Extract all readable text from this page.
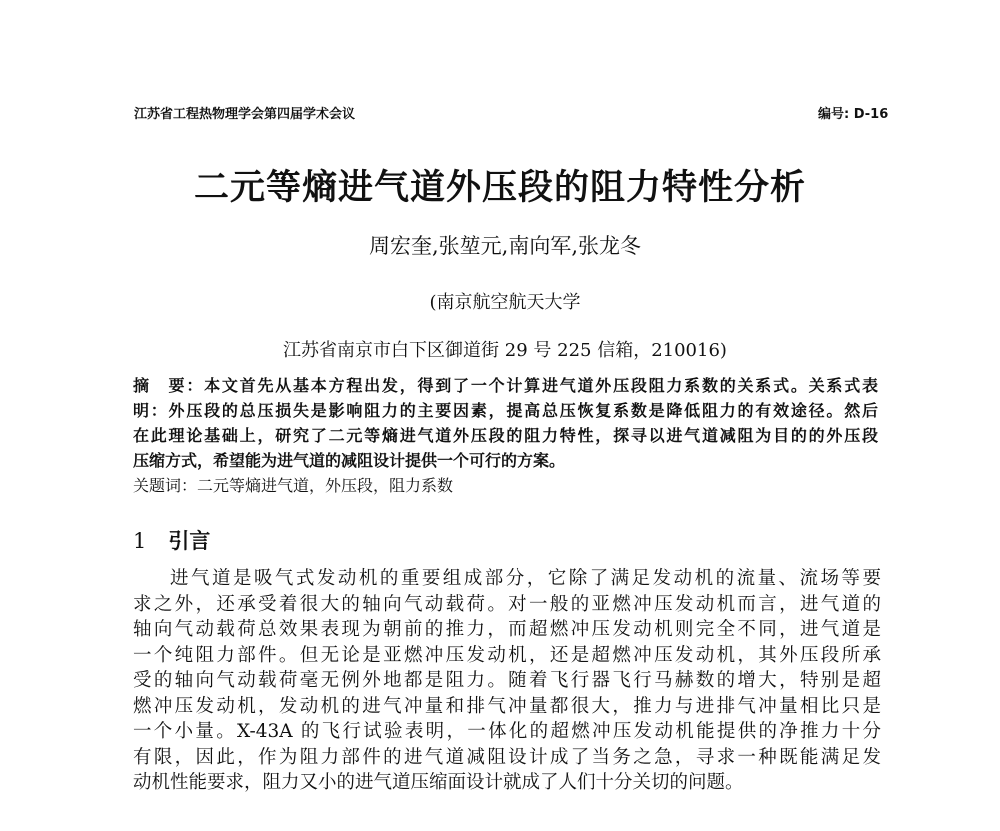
江苏省工程热物理学会第四届学术会议	编号: D-16
二元等熵进气道外压段的阻力特性分析
周宏奎,张堃元,南向军,张龙冬
(南京航空航天大学
江苏省南京市白下区御道街 29 号 225 信箱，210016)
摘　要：本文首先从基本方程出发，得到了一个计算进气道外压段阻力系数的关系式。关系式表
明：外压段的总压损失是影响阻力的主要因素，提高总压恢复系数是降低阻力的有效途径。然后
在此理论基础上，研究了二元等熵进气道外压段的阻力特性，探寻以进气道减阻为目的的外压段
压缩方式，希望能为进气道的减阻设计提供一个可行的方案。
关题词：二元等熵进气道，外压段，阻力系数
1 引言
进气道是吸气式发动机的重要组成部分，它除了满足发动机的流量、流场等要
求之外，还承受着很大的轴向气动载荷。对一般的亚燃冲压发动机而言，进气道的
轴向气动载荷总效果表现为朝前的推力，而超燃冲压发动机则完全不同，进气道是
一个纯阻力部件。但无论是亚燃冲压发动机，还是超燃冲压发动机，其外压段所承
受的轴向气动载荷毫无例外地都是阻力。随着飞行器飞行马赫数的增大，特别是超
燃冲压发动机，发动机的进气冲量和排气冲量都很大，推力与进排气冲量相比只是
一个小量。X-43A 的飞行试验表明，一体化的超燃冲压发动机能提供的净推力十分
有限，因此，作为阻力部件的进气道减阻设计成了当务之急，寻求一种既能满足发
动机性能要求，阻力又小的进气道压缩面设计就成了人们十分关切的问题。
